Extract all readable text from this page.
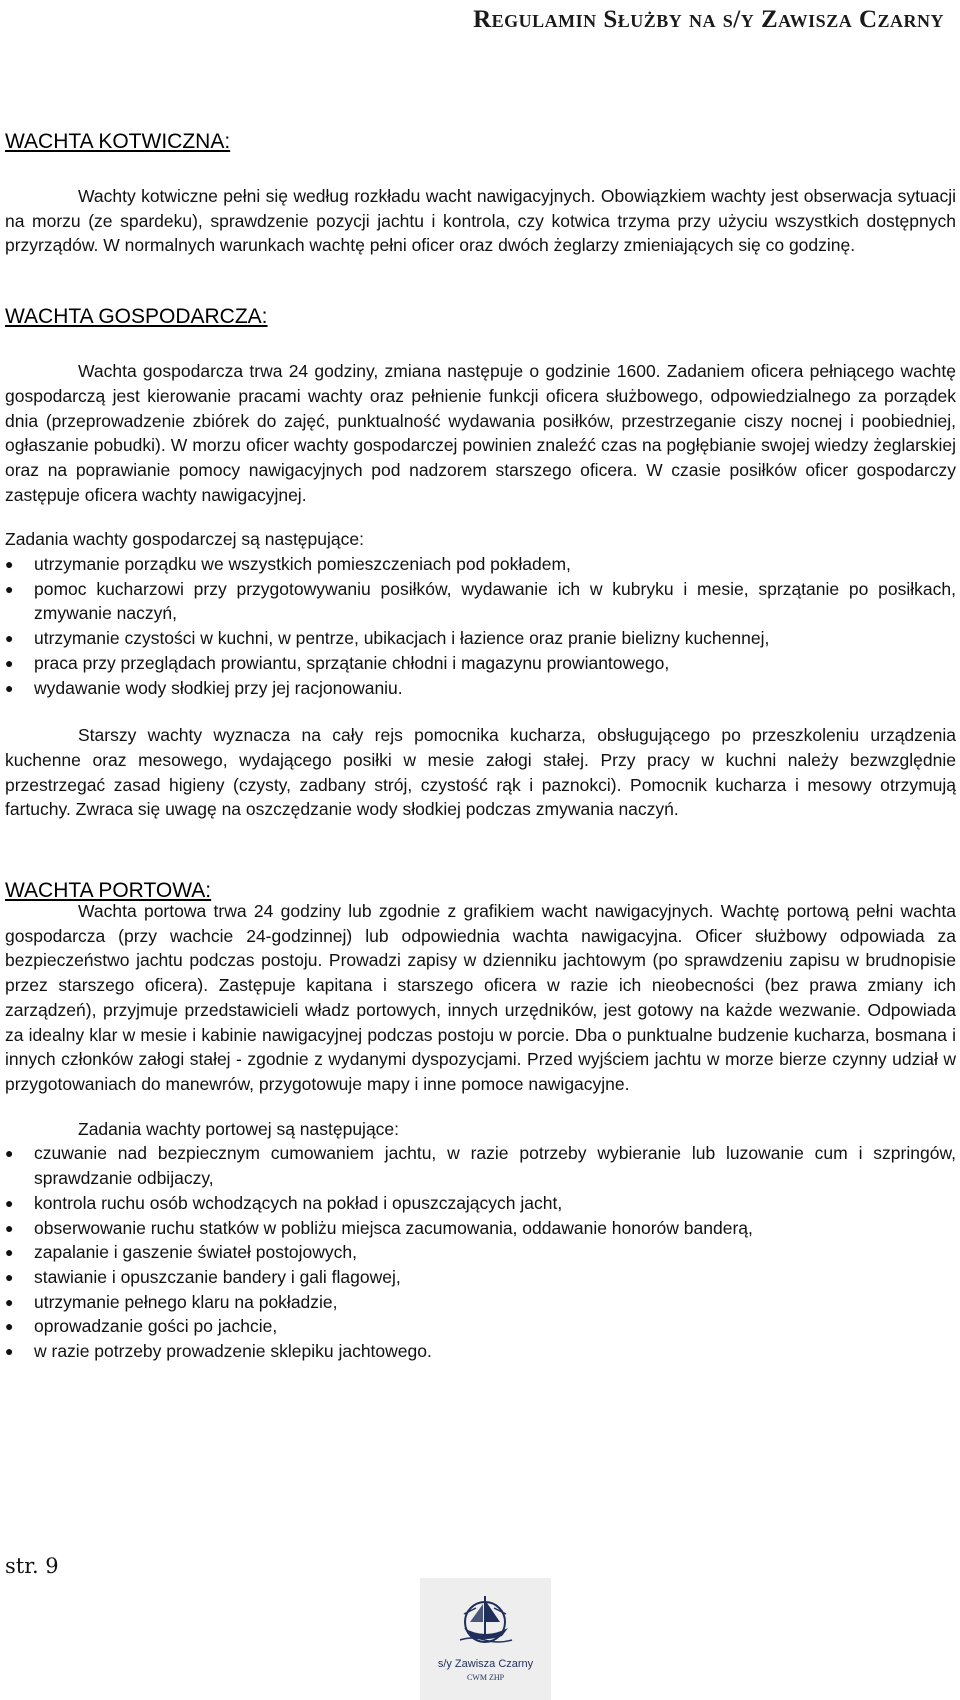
Regulamin Służby na s/y Zawisza Czarny
WACHTA KOTWICZNA:

Wachty kotwiczne pełni się według rozkładu wacht nawigacyjnych. Obowiązkiem wachty jest obserwacja sytuacji na morzu (ze spardeku), sprawdzenie pozycji jachtu i kontrola, czy kotwica trzyma przy użyciu wszystkich dostępnych przyrządów. W normalnych warunkach wachtę pełni oficer oraz dwóch żeglarzy zmieniających się co godzinę.

WACHTA GOSPODARCZA:

Wachta gospodarcza trwa 24 godziny, zmiana następuje o godzinie 1600. Zadaniem oficera pełniącego wachtę gospodarczą jest kierowanie pracami wachty oraz pełnienie funkcji oficera służbowego, odpowiedzialnego za porządek dnia (przeprowadzenie zbiórek do zajęć, punktualność wydawania posiłków, przestrzeganie ciszy nocnej i poobiedniej, ogłaszanie pobudki). W morzu oficer wachty gospodarczej powinien znaleźć czas na pogłębianie swojej wiedzy żeglarskiej oraz na poprawianie pomocy nawigacyjnych pod nadzorem starszego oficera. W czasie posiłków oficer gospodarczy zastępuje oficera wachty nawigacyjnej.

Zadania wachty gospodarczej są następujące:

● utrzymanie porządku we wszystkich pomieszczeniach pod pokładem,
● pomoc kucharzowi przy przygotowywaniu posiłków, wydawanie ich w kubryku i mesie, sprzątanie po posiłkach, zmywanie naczyń,
● utrzymanie czystości w kuchni, w pentrze, ubikacjach i łazience oraz pranie bielizny kuchennej,
● praca przy przeglądach prowiantu, sprzątanie chłodni i magazynu prowiantowego,
● wydawanie wody słodkiej przy jej racjonowaniu.

Starszy wachty wyznacza na cały rejs pomocnika kucharza, obsługującego po przeszkoleniu urządzenia kuchenne oraz mesowego, wydającego posiłki w mesie załogi stałej. Przy pracy w kuchni należy bezwzględnie przestrzegać zasad higieny (czysty, zadbany strój, czystość rąk i paznokci). Pomocnik kucharza i mesowy otrzymują fartuchy. Zwraca się uwagę na oszczędzanie wody słodkiej podczas zmywania naczyń.

WACHTA PORTOWA:

Wachta portowa trwa 24 godziny lub zgodnie z grafikiem wacht nawigacyjnych. Wachtę portową pełni wachta gospodarcza (przy wachcie 24-godzinnej) lub odpowiednia wachta nawigacyjna. Oficer służbowy odpowiada za bezpieczeństwo jachtu podczas postoju. Prowadzi zapisy w dzienniku jachtowym (po sprawdzeniu zapisu w brudnopisie przez starszego oficera). Zastępuje kapitana i starszego oficera w razie ich nieobecności (bez prawa zmiany ich zarządzeń), przyjmuje przedstawicieli władz portowych, innych urzędników, jest gotowy na każde wezwanie. Odpowiada za idealny klar w mesie i kabinie nawigacyjnej podczas postoju w porcie. Dba o punktualne budzenie kucharza, bosmana i innych członków załogi stałej - zgodnie z wydanymi dyspozycjami. Przed wyjściem jachtu w morze bierze czynny udział w przygotowaniach do manewrów, przygotowuje mapy i inne pomoce nawigacyjne.

Zadania wachty portowej są następujące:

● czuwanie nad bezpiecznym cumowaniem jachtu, w razie potrzeby wybieranie lub luzowanie cum i szpringów, sprawdzanie odbijaczy,
● kontrola ruchu osób wchodzących na pokład i opuszczających jacht,
● obserwowanie ruchu statków w pobliżu miejsca zacumowania, oddawanie honorów banderą,
● zapalanie i gaszenie świateł postojowych,
● stawianie i opuszczanie bandery i gali flagowej,
● utrzymanie pełnego klaru na pokładzie,
● oprowadzanie gości po jachcie,
● w razie potrzeby prowadzenie sklepiku jachtowego.
str. 9
s/y Zawisza Czarny
CWM ZHP
